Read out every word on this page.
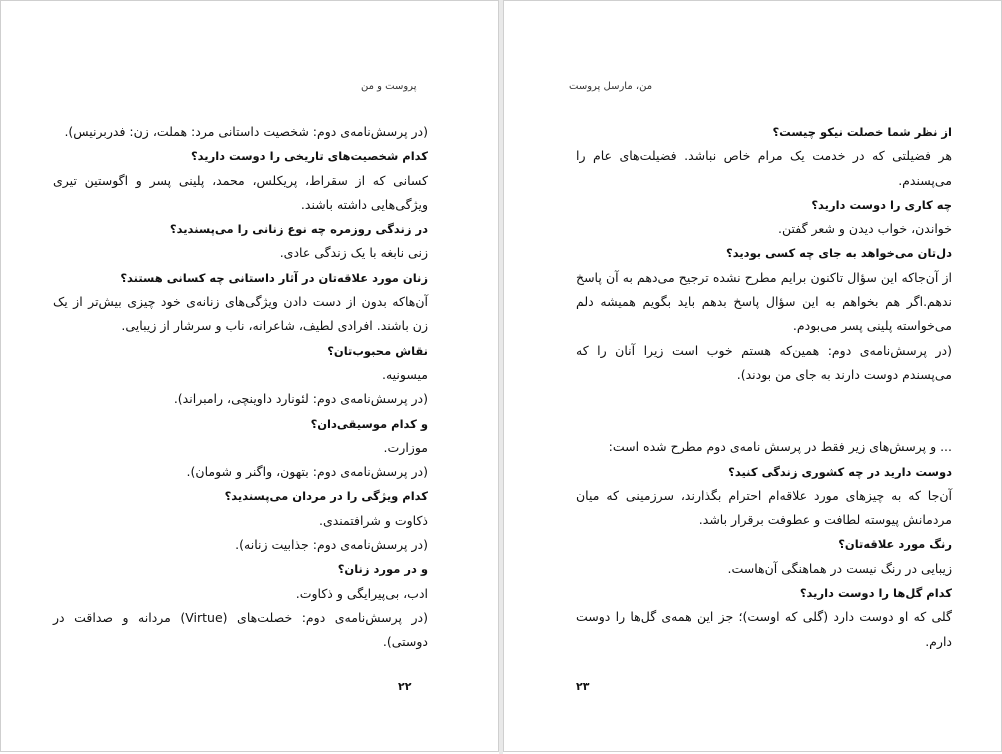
پروست و من

(در پرسش‌نامه‌ی دوم: شخصیت داستانی مرد: هملت، زن: فدربرنیس).

کدام شخصیت‌های تاریخی را دوست دارید؟

کسانی که از سقراط، پریکلس، محمد، پلینی پسر و اگوستین تیری ویژگی‌هایی داشته باشند.

در زندگی روزمره چه نوع زنانی را می‌پسندید؟

زنی نابغه با یک زندگی عادی.

زنان مورد علاقه‌تان در آثار داستانی چه کسانی هستند؟

آن‌هاکه بدون از دست دادن ویژگی‌های زنانه‌ی خود چیزی بیش‌تر از یک زن باشند. افرادی لطیف، شاعرانه، ناب و سرشار از زیبایی.

نقاش محبوب‌تان؟

میسونیه.

(در پرسش‌نامه‌ی دوم: لئونارد داوینچی، رامبراند).

و کدام موسیقی‌دان؟

موزارت.

(در پرسش‌نامه‌ی دوم: بتهون، واگنر و شومان).

کدام ویژگی را در مردان می‌پسندید؟

ذکاوت و شرافتمندی.

(در پرسش‌نامه‌ی دوم: جذابیت زنانه).

و در مورد زنان؟

ادب، بی‌پیرایگی و ذکاوت.

(در پرسش‌نامه‌ی دوم: خصلت‌های (Virtue) مردانه و صداقت در دوستی).

۲۲
من، مارسل پروست

از نظر شما خصلت نیکو چیست؟

هر فضیلتی که در خدمت یک مرام خاص نباشد. فضیلت‌های عام را می‌پسندم.

چه کاری را دوست دارید؟

خواندن، خواب دیدن و شعر گفتن.

دل‌تان می‌خواهد به جای چه کسی بودید؟

از آن‌جاکه این سؤال تاکنون برایم مطرح نشده ترجیح می‌دهم به آن پاسخ ندهم.اگر هم بخواهم به این سؤال پاسخ بدهم باید بگویم همیشه دلم می‌خواسته پلینی پسر می‌بودم.

(در پرسش‌نامه‌ی دوم: همین‌که هستم خوب است زیرا آنان را که می‌پسندم دوست دارند به جای من بودند).

... و پرسش‌های زیر فقط در پرسش نامه‌ی دوم مطرح شده است:

دوست دارید در چه کشوری زندگی کنید؟

آن‌جا که به چیزهای مورد علاقه‌ام احترام بگذارند، سرزمینی که میان مردمانش پیوسته لطافت و عطوفت برقرار باشد.

رنگ مورد علاقه‌تان؟

زیبایی در رنگ نیست در هماهنگی آن‌هاست.

کدام گل‌ها را دوست دارید؟

گلی که او دوست دارد (گلی که اوست)؛ جز این همه‌ی گل‌ها را دوست دارم.

۲۳
